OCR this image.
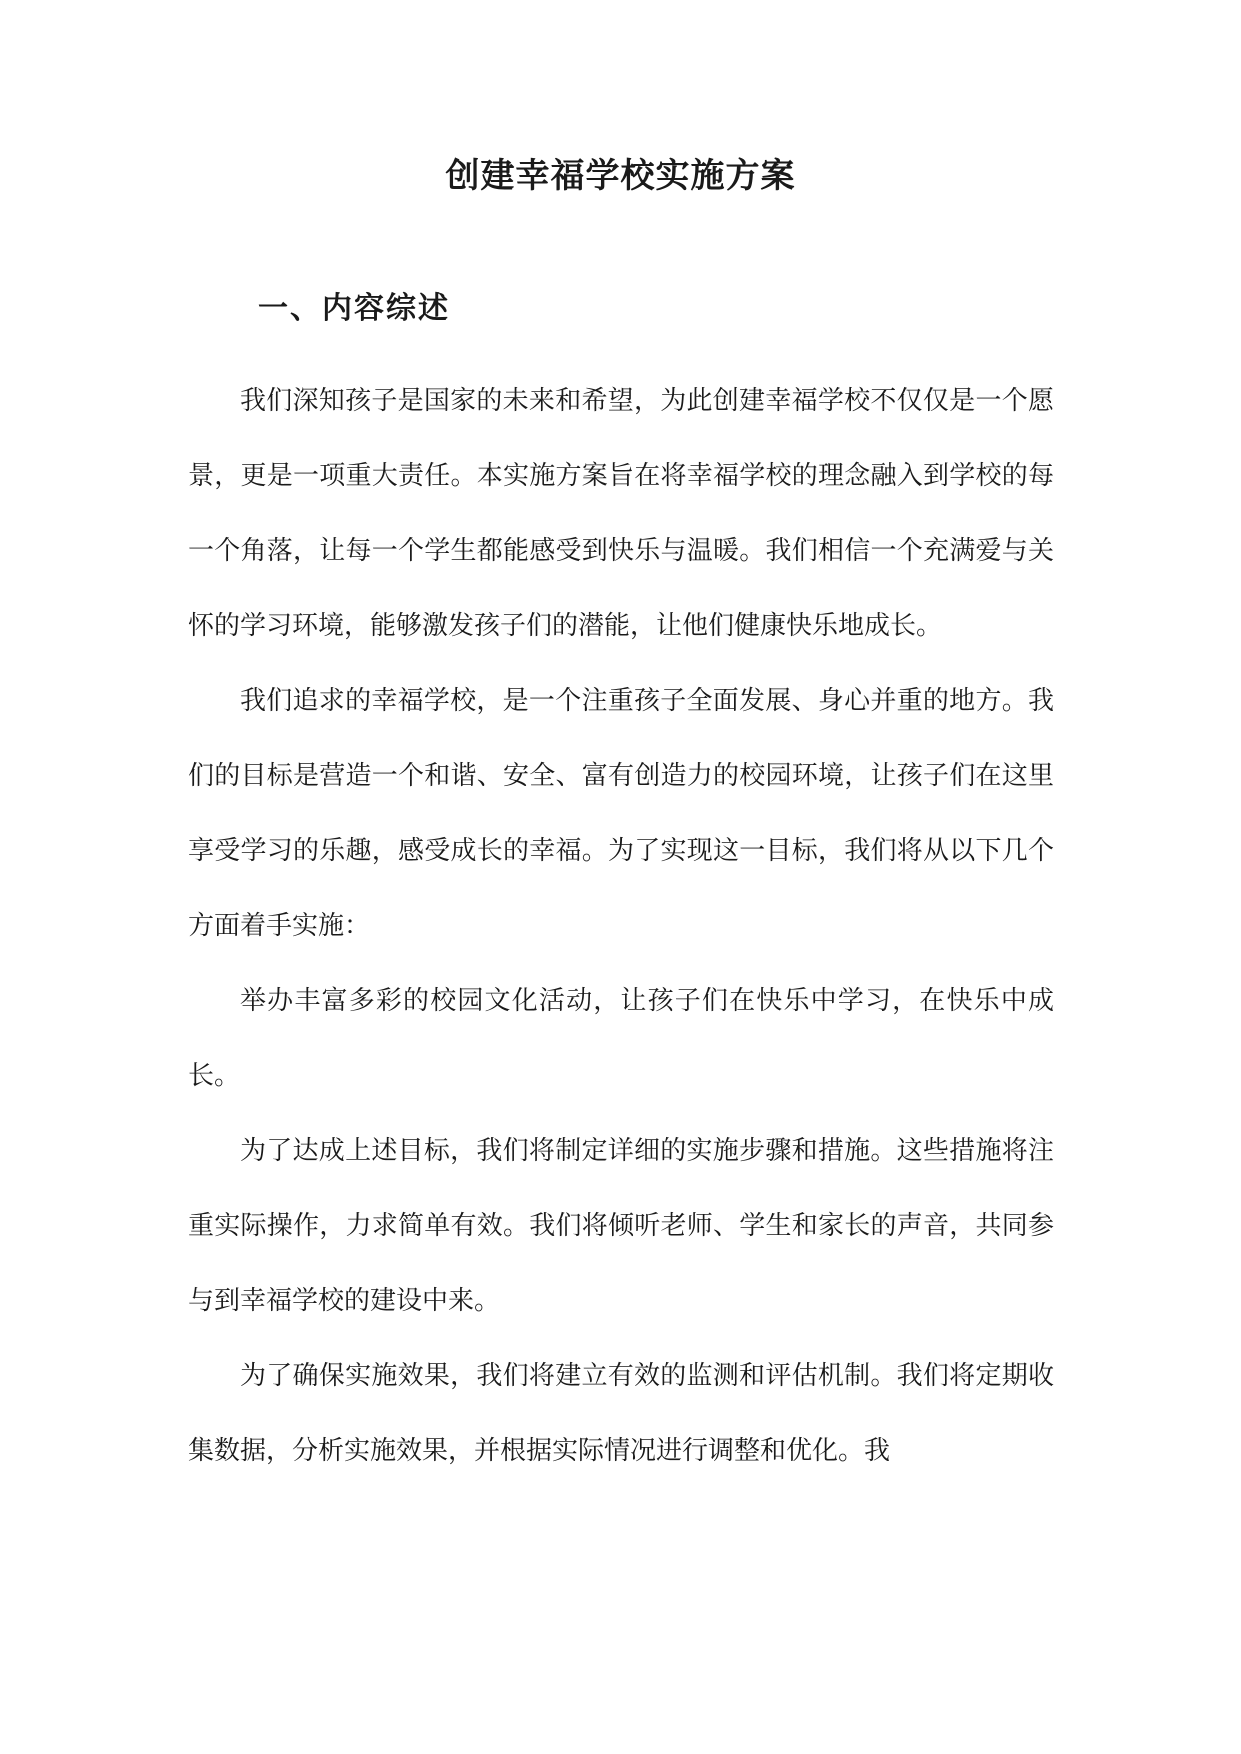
创建幸福学校实施方案
一、内容综述

我们深知孩子是国家的未来和希望，为此创建幸福学校不仅仅是一个愿景，更是一项重大责任。本实施方案旨在将幸福学校的理念融入到学校的每一个角落，让每一个学生都能感受到快乐与温暖。我们相信一个充满爱与关怀的学习环境，能够激发孩子们的潜能，让他们健康快乐地成长。

我们追求的幸福学校，是一个注重孩子全面发展、身心并重的地方。我们的目标是营造一个和谐、安全、富有创造力的校园环境，让孩子们在这里享受学习的乐趣，感受成长的幸福。为了实现这一目标，我们将从以下几个方面着手实施：

举办丰富多彩的校园文化活动，让孩子们在快乐中学习，在快乐中成长。

为了达成上述目标，我们将制定详细的实施步骤和措施。这些措施将注重实际操作，力求简单有效。我们将倾听老师、学生和家长的声音，共同参与到幸福学校的建设中来。

为了确保实施效果，我们将建立有效的监测和评估机制。我们将定期收集数据，分析实施效果，并根据实际情况进行调整和优化。我
